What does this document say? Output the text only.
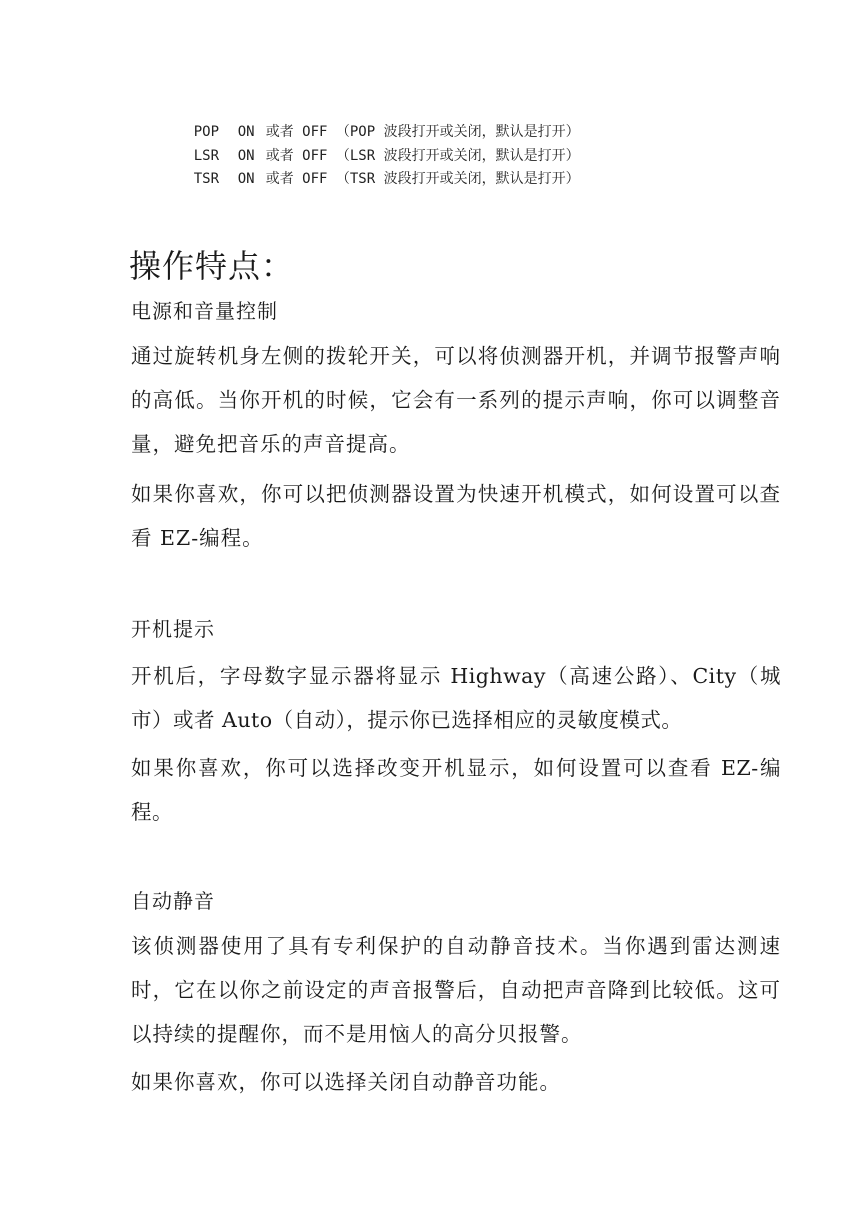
POP ON 或者 OFF （POP 波段打开或关闭，默认是打开）

LSR ON 或者 OFF （LSR 波段打开或关闭，默认是打开）

TSR ON 或者 OFF （TSR 波段打开或关闭，默认是打开）

操作特点：
电源和音量控制
通过旋转机身左侧的拨轮开关，可以将侦测器开机，并调节报警声响的高低。当你开机的时候，它会有一系列的提示声响，你可以调整音量，避免把音乐的声音提高。
如果你喜欢，你可以把侦测器设置为快速开机模式，如何设置可以查看 EZ-编程。
开机提示
开机后，字母数字显示器将显示 Highway（高速公路）、City（城市）或者 Auto（自动），提示你已选择相应的灵敏度模式。
如果你喜欢，你可以选择改变开机显示，如何设置可以查看 EZ-编程。
自动静音
该侦测器使用了具有专利保护的自动静音技术。当你遇到雷达测速时，它在以你之前设定的声音报警后，自动把声音降到比较低。这可以持续的提醒你，而不是用恼人的高分贝报警。
如果你喜欢，你可以选择关闭自动静音功能。
